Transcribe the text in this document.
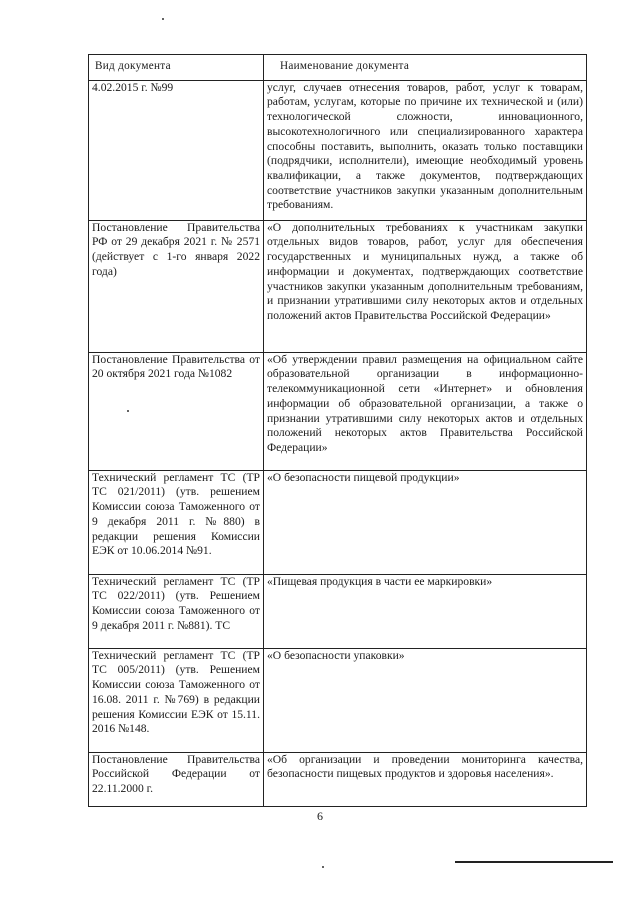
Вид документа	Наименование документа
4.02.2015 г. №99	услуг, случаев отнесения товаров, работ, услуг к товарам, работам, услугам, которые по причине их технической и (или) технологической сложности, инновационного, высокотехнологичного или специализированного характера способны поставить, выполнить, оказать только поставщики (подрядчики, исполнители), имеющие необходимый уровень квалификации, а также документов, подтверждающих соответствие участников закупки указанным дополнительным требованиям.
Постановление Правительства РФ от 29 декабря 2021 г. № 2571 (действует с 1-го января 2022 года)	«О дополнительных требованиях к участникам закупки отдельных видов товаров, работ, услуг для обеспечения государственных и муниципальных нужд, а также об информации и документах, подтверждающих соответствие участников закупки указанным дополнительным требованиям, и признании утратившими силу некоторых актов и отдельных положений актов Правительства Российской Федерации»
Постановление Правительства от 20 октября 2021 года №1082	«Об утверждении правил размещения на официальном сайте образовательной организации в информационно-телекоммуникационной сети «Интернет» и обновления информации об образовательной организации, а также о признании утратившими силу некоторых актов и отдельных положений некоторых актов Правительства Российской Федерации»
Технический регламент ТС (ТР ТС 021/2011) (утв. решением Комиссии союза Таможенного от 9 декабря 2011 г. №880) в редакции решения Комиссии ЕЭК от 10.06.2014 №91.	«О безопасности пищевой продукции»
Технический регламент ТС (ТР ТС 022/2011) (утв. Решением Комиссии союза Таможенного от 9 декабря 2011 г. №881). ТС	«Пищевая продукция в части ее маркировки»
Технический регламент ТС (ТР ТС 005/2011) (утв. Решением Комиссии союза Таможенного от 16.08. 2011 г. №769) в редакции решения Комиссии ЕЭК от 15.11. 2016 №148.	«О безопасности упаковки»
Постановление Правительства Российской Федерации от 22.11.2000 г.	«Об организации и проведении мониторинга качества, безопасности пищевых продуктов и здоровья населения».
6
